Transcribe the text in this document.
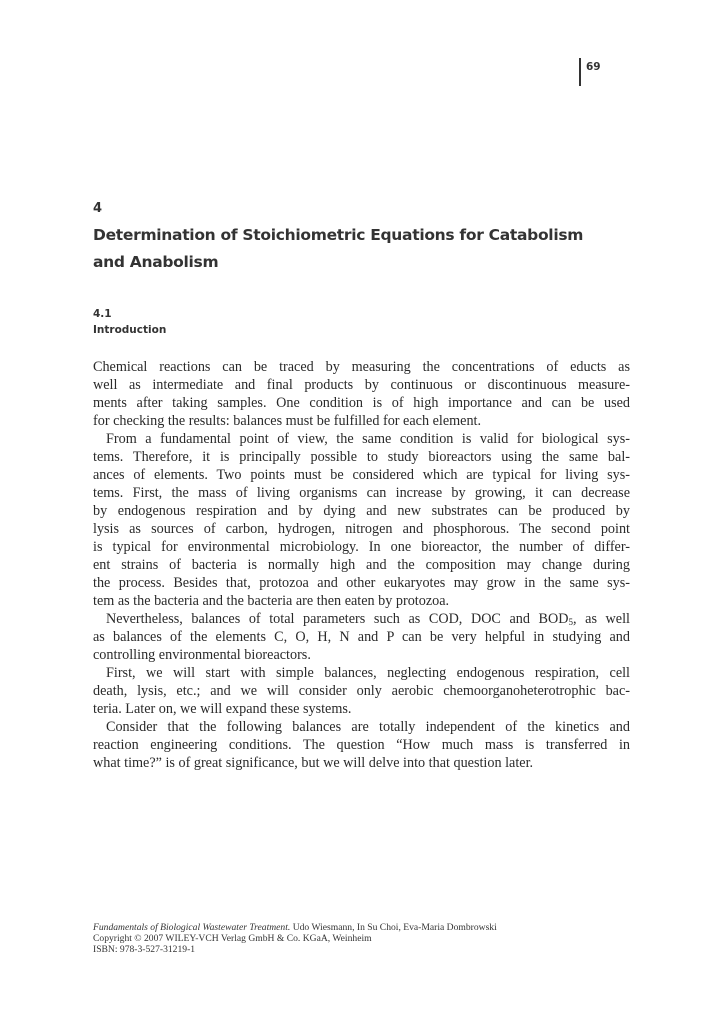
69
4
Determination of Stoichiometric Equations for Catabolism
and Anabolism
4.1
Introduction
Chemical reactions can be traced by measuring the concentrations of educts as
well as intermediate and final products by continuous or discontinuous measure-
ments after taking samples. One condition is of high importance and can be used
for checking the results: balances must be fulfilled for each element.
From a fundamental point of view, the same condition is valid for biological sys-
tems. Therefore, it is principally possible to study bioreactors using the same bal-
ances of elements. Two points must be considered which are typical for living sys-
tems. First, the mass of living organisms can increase by growing, it can decrease
by endogenous respiration and by dying and new substrates can be produced by
lysis as sources of carbon, hydrogen, nitrogen and phosphorous. The second point
is typical for environmental microbiology. In one bioreactor, the number of differ-
ent strains of bacteria is normally high and the composition may change during
the process. Besides that, protozoa and other eukaryotes may grow in the same sys-
tem as the bacteria and the bacteria are then eaten by protozoa.
Nevertheless, balances of total parameters such as COD, DOC and $BOD_5$, as well
as balances of the elements C, O, H, N and P can be very helpful in studying and
controlling environmental bioreactors.
First, we will start with simple balances, neglecting endogenous respiration, cell
death, lysis, etc.; and we will consider only aerobic chemoorganoheterotrophic bac-
teria. Later on, we will expand these systems.
Consider that the following balances are totally independent of the kinetics and
reaction engineering conditions. The question “How much mass is transferred in
what time?” is of great significance, but we will delve into that question later.
Fundamentals of Biological Wastewater Treatment. Udo Wiesmann, In Su Choi, Eva-Maria Dombrowski
Copyright © 2007 WILEY-VCH Verlag GmbH & Co. KGaA, Weinheim
ISBN: 978-3-527-31219-1
